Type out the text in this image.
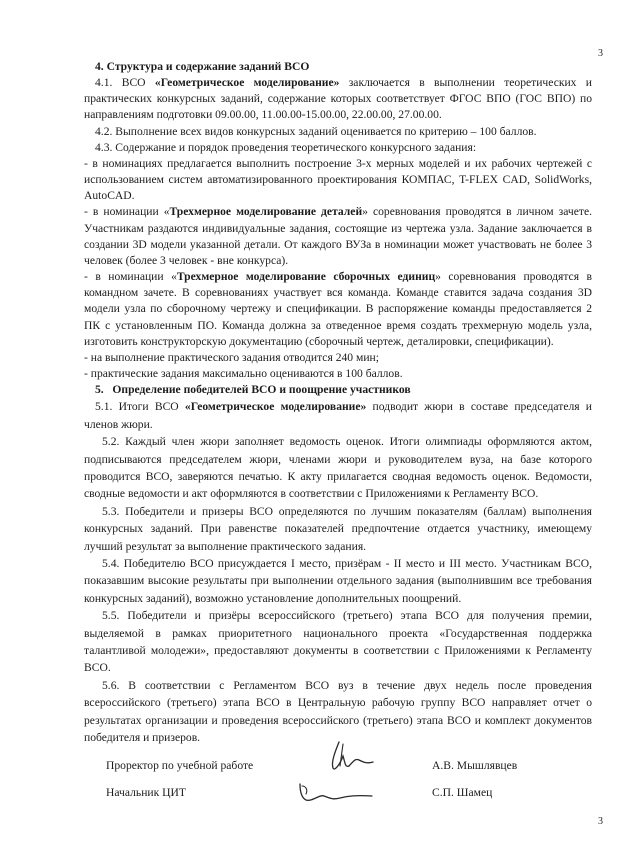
3

4. Структура и содержание заданий ВСО

4.1. ВСО «Геометрическое моделирование» заключается в выполнении теоретических и практических конкурсных заданий, содержание которых соответствует ФГОС ВПО (ГОС ВПО) по направлениям подготовки 09.00.00, 11.00.00-15.00.00, 22.00.00, 27.00.00.

4.2. Выполнение всех видов конкурсных заданий оценивается по критерию – 100 баллов.

4.3. Содержание и порядок проведения теоретического конкурсного задания:

- в номинациях предлагается выполнить построение 3-х мерных моделей и их рабочих чертежей с использованием систем автоматизированного проектирования КОМПАС, T-FLEX CAD, SolidWorks, AutoCAD.

- в номинации «Трехмерное моделирование деталей» соревнования проводятся в личном зачете. Участникам раздаются индивидуальные задания, состоящие из чертежа узла. Задание заключается в создании 3D модели указанной детали. От каждого ВУЗа в номинации может участвовать не более 3 человек (более 3 человек - вне конкурса).

- в номинации «Трехмерное моделирование сборочных единиц» соревнования проводятся в командном зачете. В соревнованиях участвует вся команда. Команде ставится задача создания 3D модели узла по сборочному чертежу и спецификации. В распоряжение команды предоставляется 2 ПК с установленным ПО. Команда должна за отведенное время создать трехмерную модель узла, изготовить конструкторскую документацию (сборочный чертеж, деталировки, спецификации).

- на выполнение практического задания отводится 240 мин;

- практические задания максимально оцениваются в 100 баллов.

5.   Определение победителей ВСО и поощрение участников

5.1. Итоги ВСО «Геометрическое моделирование» подводит жюри в составе председателя и членов жюри.

5.2. Каждый член жюри заполняет ведомость оценок. Итоги олимпиады оформляются актом, подписываются председателем жюри, членами жюри и руководителем вуза, на базе которого проводится ВСО, заверяются печатью. К акту прилагается сводная ведомость оценок. Ведомости, сводные ведомости и акт оформляются в соответствии с Приложениями к Регламенту ВСО.

5.3. Победители и призеры ВСО определяются по лучшим показателям (баллам) выполнения конкурсных заданий. При равенстве показателей предпочтение отдается участнику, имеющему лучший результат за выполнение практического задания.

5.4. Победителю ВСО присуждается I место, призёрам - II место и III место. Участникам ВСО, показавшим высокие результаты при выполнении отдельного задания (выполнившим все требования конкурсных заданий), возможно установление дополнительных поощрений.

5.5. Победители и призёры всероссийского (третьего) этапа ВСО для получения премии, выделяемой в рамках приоритетного национального проекта «Государственная поддержка талантливой молодежи», предоставляют документы в соответствии с Приложениями к Регламенту ВСО.

5.6. В соответствии с Регламентом ВСО вуз в течение двух недель после проведения всероссийского (третьего) этапа ВСО в Центральную рабочую группу ВСО направляет отчет о результатах организации и проведения всероссийского (третьего) этапа ВСО и комплект документов победителя и призеров.

Проректор по учебной работе	А.В. Мышлявцев
Начальник ЦИТ	С.П. Шамец
3
